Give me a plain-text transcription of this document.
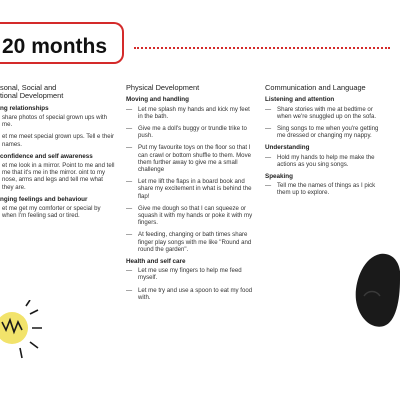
20 months
sonal, Social and
tional Development
ng relationships
share photos of special grown ups with me.
et me meet special grown ups. Tell e their names.
confidence and self awareness
et me look in a mirror. Point to me and tell me that it's me in the mirror. oint to my nose, arms and legs and tell me what they are.
nging feelings and behaviour
et me get my comforter or special by when I'm feeling sad or tired.
Physical Development
Moving and handling
— Let me splash my hands and kick my feet in the bath.
— Give me a doll's buggy or trundle trike to push.
— Put my favourite toys on the floor so that I can crawl or bottom shuffle to them. Move them further away to give me a small challenge
— Let me lift the flaps in a board book and share my excitement in what is behind the flap!
— Give me dough so that I can squeeze or squash it with my hands or poke it with my fingers.
— At feeding, changing or bath times share finger play songs with me like "Round and round the garden".
Health and self care
— Let me use my fingers to help me feed myself.
— Let me try and use a spoon to eat my food with.
Communication and Language
Listening and attention
— Share stories with me at bedtime or when we're snuggled up on the sofa.
— Sing songs to me when you're getting me dressed or changing my nappy.
Understanding
— Hold my hands to help me make the actions as you sing songs.
Speaking
— Tell me the names of things as I pick them up to explore.
